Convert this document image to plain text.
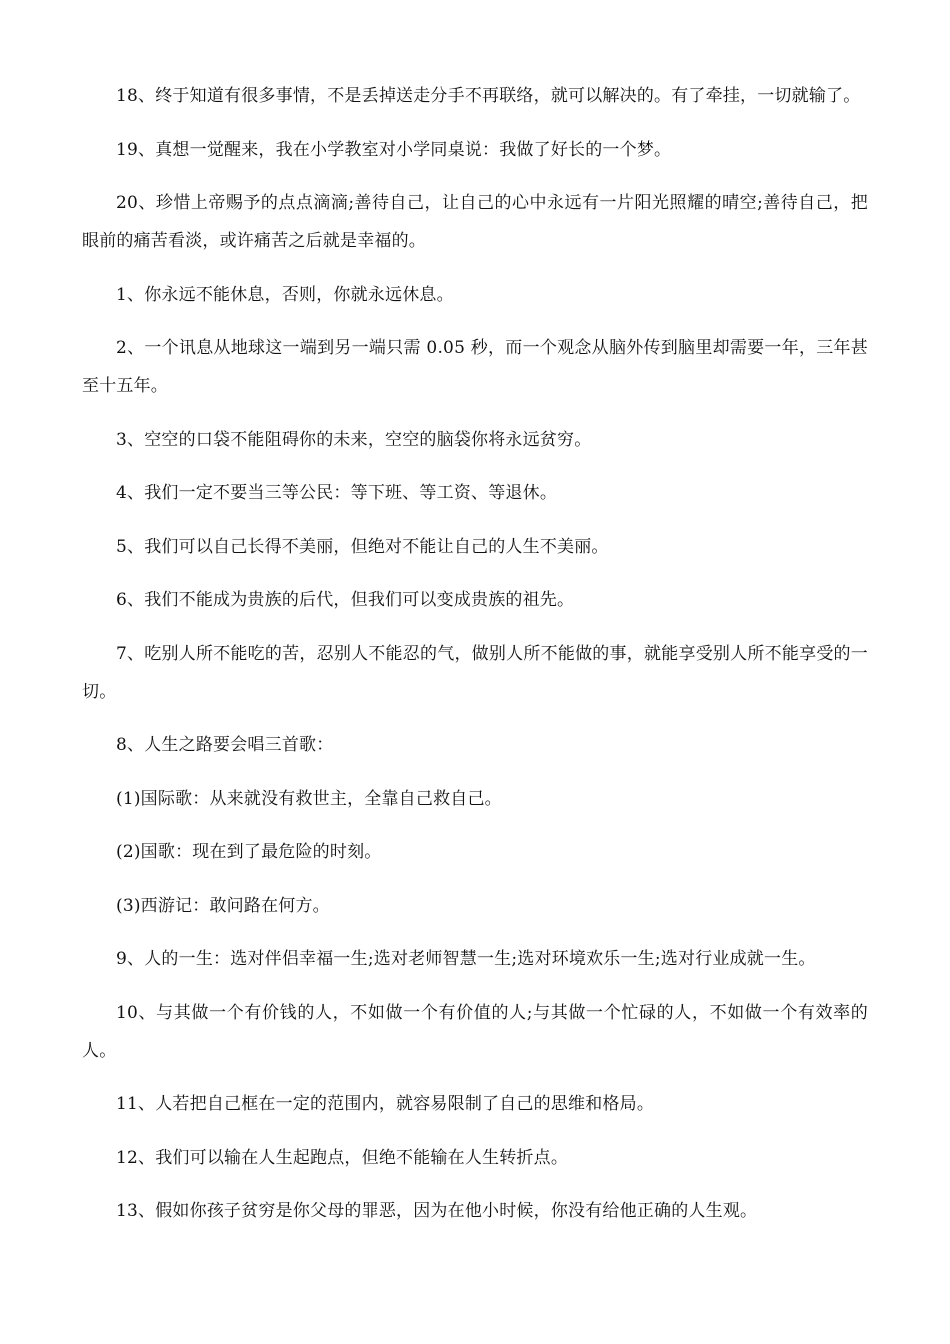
18、终于知道有很多事情，不是丢掉送走分手不再联络，就可以解决的。有了牵挂，一切就输了。

19、真想一觉醒来，我在小学教室对小学同桌说：我做了好长的一个梦。

20、珍惜上帝赐予的点点滴滴;善待自己，让自己的心中永远有一片阳光照耀的晴空;善待自己，把眼前的痛苦看淡，或许痛苦之后就是幸福的。

1、你永远不能休息，否则，你就永远休息。

2、一个讯息从地球这一端到另一端只需 0.05 秒，而一个观念从脑外传到脑里却需要一年，三年甚至十五年。

3、空空的口袋不能阻碍你的未来，空空的脑袋你将永远贫穷。

4、我们一定不要当三等公民：等下班、等工资、等退休。

5、我们可以自己长得不美丽，但绝对不能让自己的人生不美丽。

6、我们不能成为贵族的后代，但我们可以变成贵族的祖先。

7、吃别人所不能吃的苦，忍别人不能忍的气，做别人所不能做的事，就能享受别人所不能享受的一切。

8、人生之路要会唱三首歌：

(1)国际歌：从来就没有救世主，全靠自己救自己。

(2)国歌：现在到了最危险的时刻。

(3)西游记：敢问路在何方。

9、人的一生：选对伴侣幸福一生;选对老师智慧一生;选对环境欢乐一生;选对行业成就一生。

10、与其做一个有价钱的人，不如做一个有价值的人;与其做一个忙碌的人，不如做一个有效率的人。

11、人若把自己框在一定的范围内，就容易限制了自己的思维和格局。

12、我们可以输在人生起跑点，但绝不能输在人生转折点。

13、假如你孩子贫穷是你父母的罪恶，因为在他小时候，你没有给他正确的人生观。
